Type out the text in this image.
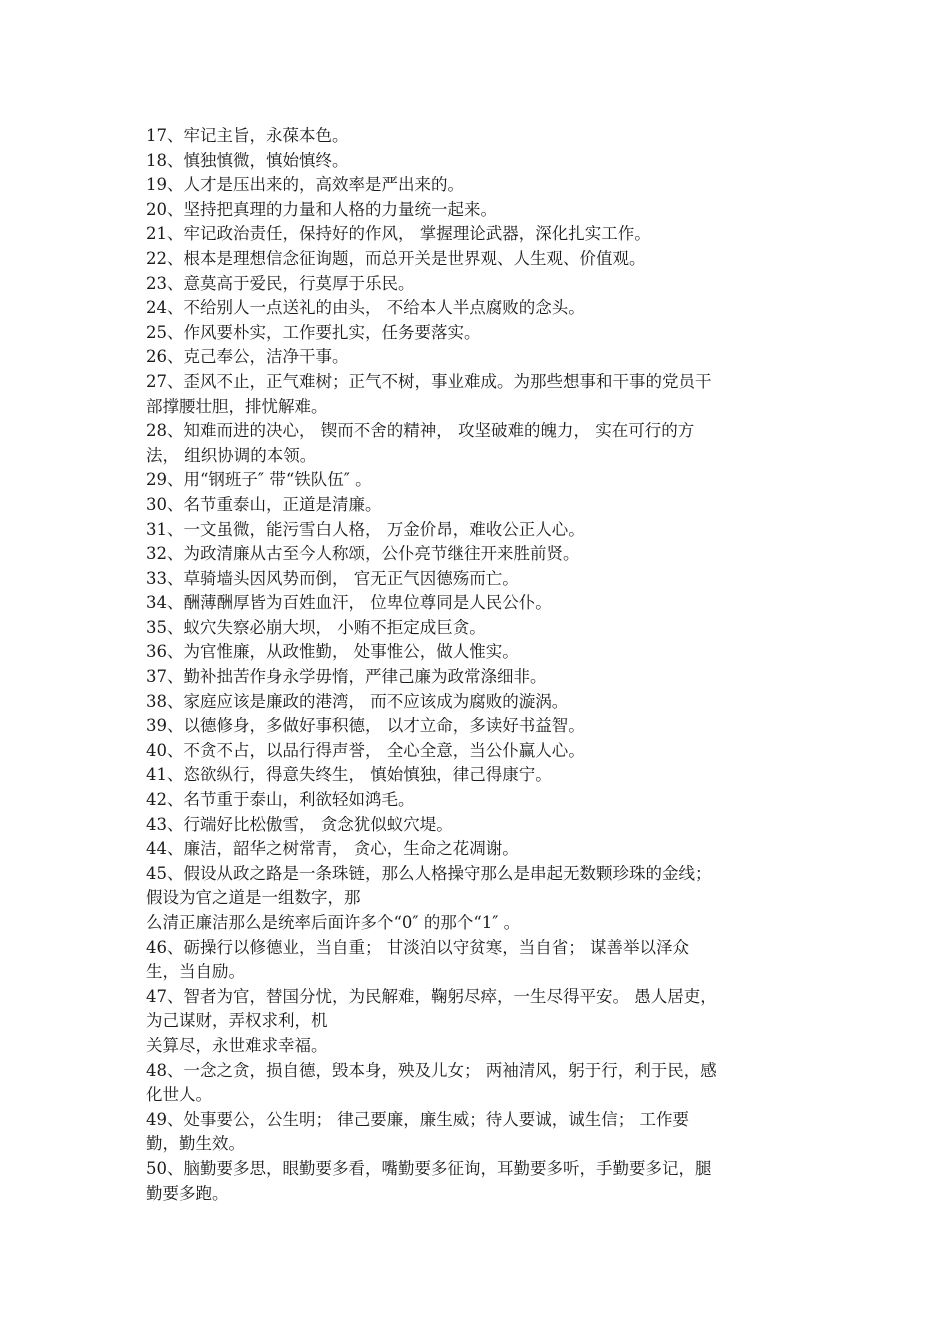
17、牢记主旨，永葆本色。
18、慎独慎微，慎始慎终。
19、人才是压出来的，高效率是严出来的。
20、坚持把真理的力量和人格的力量统一起来。
21、牢记政治责任，保持好的作风， 掌握理论武器，深化扎实工作。
22、根本是理想信念征询题，而总开关是世界观、人生观、价值观。
23、意莫高于爱民，行莫厚于乐民。
24、不给别人一点送礼的由头， 不给本人半点腐败的念头。
25、作风要朴实，工作要扎实，任务要落实。
26、克己奉公，洁净干事。
27、歪风不止，正气难树；正气不树，事业难成。为那些想事和干事的党员干
部撑腰壮胆，排忧解难。
28、知难而进的决心， 锲而不舍的精神， 攻坚破难的魄力， 实在可行的方
法， 组织协调的本领。
29、用“钢班子″ 带“铁队伍″ 。
30、名节重泰山，正道是清廉。
31、一文虽微，能污雪白人格， 万金价昂，难收公正人心。
32、为政清廉从古至今人称颂，公仆亮节继往开来胜前贤。
33、草骑墙头因风势而倒， 官无正气因德殇而亡。
34、酬薄酬厚皆为百姓血汗， 位卑位尊同是人民公仆。
35、蚁穴失察必崩大坝， 小贿不拒定成巨贪。
36、为官惟廉，从政惟勤， 处事惟公，做人惟实。
37、勤补拙苦作身永学毋惰，严律己廉为政常涤细非。
38、家庭应该是廉政的港湾， 而不应该成为腐败的漩涡。
39、以德修身，多做好事积德， 以才立命，多读好书益智。
40、不贪不占，以品行得声誉， 全心全意，当公仆赢人心。
41、恣欲纵行，得意失终生， 慎始慎独，律己得康宁。
42、名节重于泰山，利欲轻如鸿毛。
43、行端好比松傲雪， 贪念犹似蚁穴堤。
44、廉洁，韶华之树常青， 贪心，生命之花凋谢。
45、假设从政之路是一条珠链，那么人格操守那么是串起无数颗珍珠的金线；
假设为官之道是一组数字，那
么清正廉洁那么是统率后面许多个“0″ 的那个“1″ 。
46、砺操行以修德业，当自重； 甘淡泊以守贫寒，当自省； 谋善举以泽众
生，当自励。
47、智者为官，替国分忧，为民解难，鞠躬尽瘁，一生尽得平安。 愚人居吏，
为己谋财，弄权求利，机
关算尽，永世难求幸福。
48、一念之贪，损自德，毁本身，殃及儿女； 两袖清风，躬于行，利于民，感
化世人。
49、处事要公，公生明； 律己要廉，廉生威；待人要诚，诚生信； 工作要
勤，勤生效。
50、脑勤要多思，眼勤要多看，嘴勤要多征询，耳勤要多听，手勤要多记，腿
勤要多跑。
